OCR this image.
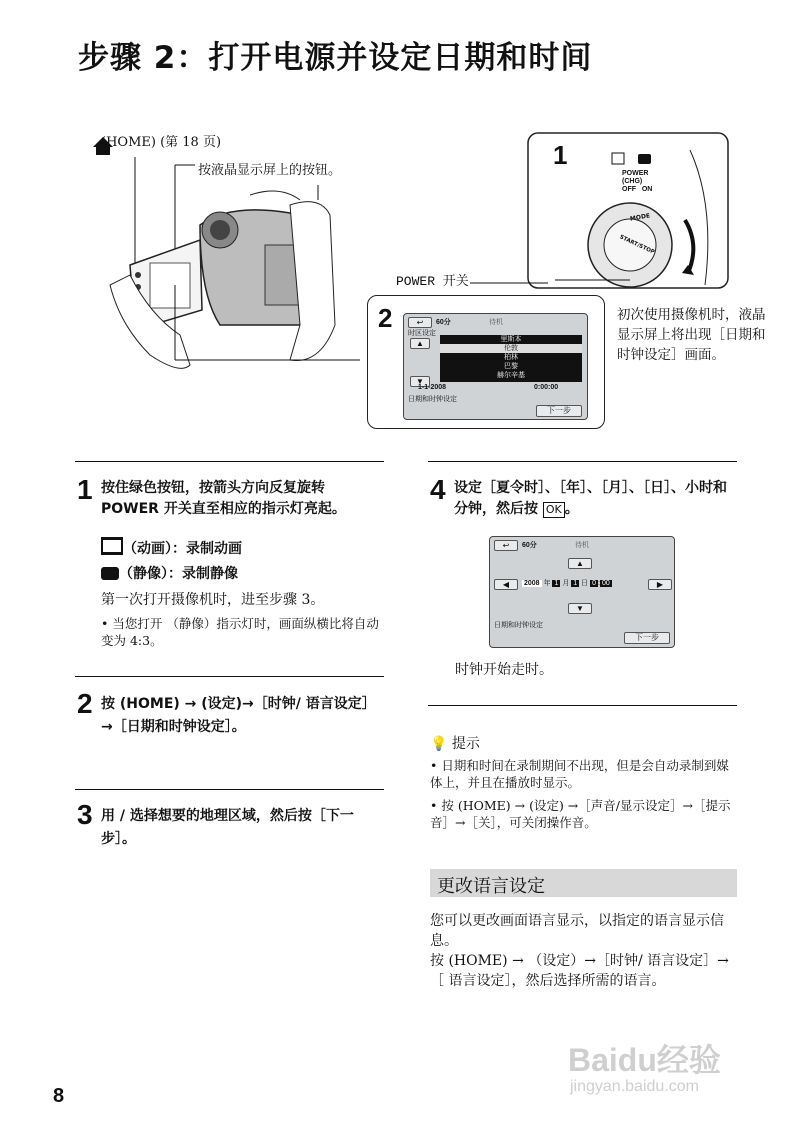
步骤 2：打开电源并设定日期和时间
(HOME) (第 18 页)
按液晶显示屏上的按钮。
1
POWER
(CHG)
OFF ON
MODE
START/STOP
POWER 开关
2	↩	60分	待机
时区设定
▲
▼
里斯本
伦敦
柏林
巴黎
赫尔辛基
1-1-2008	0:00:00
日期和时钟设定
下一步
初次使用摄像机时，液晶显示屏上将出现［日期和时钟设定］画面。
1 按住绿色按钮，按箭头方向反复旋转 POWER 开关直至相应的指示灯亮起。
（动画）：录制动画
（静像）：录制静像
第一次打开摄像机时，进至步骤 3。
• 当您打开 （静像）指示灯时，画面纵横比将自动变为 4:3。
2 按 (HOME) → (设定)→［时钟/ 语言设定］→［日期和时钟设定］。
3 用 / 选择想要的地理区域，然后按［下一步］。
4 设定［夏令时］、［年］、［月］、［日］、小时和分钟，然后按 OK 。
↩	60分	待机
▲
◀	▶
2008 年 1 月 1 日 0 : 00
▼
日期和时钟设定
下一步
时钟开始走时。
💡 提示
• 日期和时间在录制期间不出现，但是会自动录制到媒体上，并且在播放时显示。
• 按 (HOME) → (设定) →［声音/显示设定］→［提示音］→［关］，可关闭操作音。
更改语言设定
您可以更改画面语言显示，以指定的语言显示信息。
按 (HOME) → （设定）→［时钟/ 语言设定］→［ 语言设定］，然后选择所需的语言。
8
Baidu经验
jingyan.baidu.com
